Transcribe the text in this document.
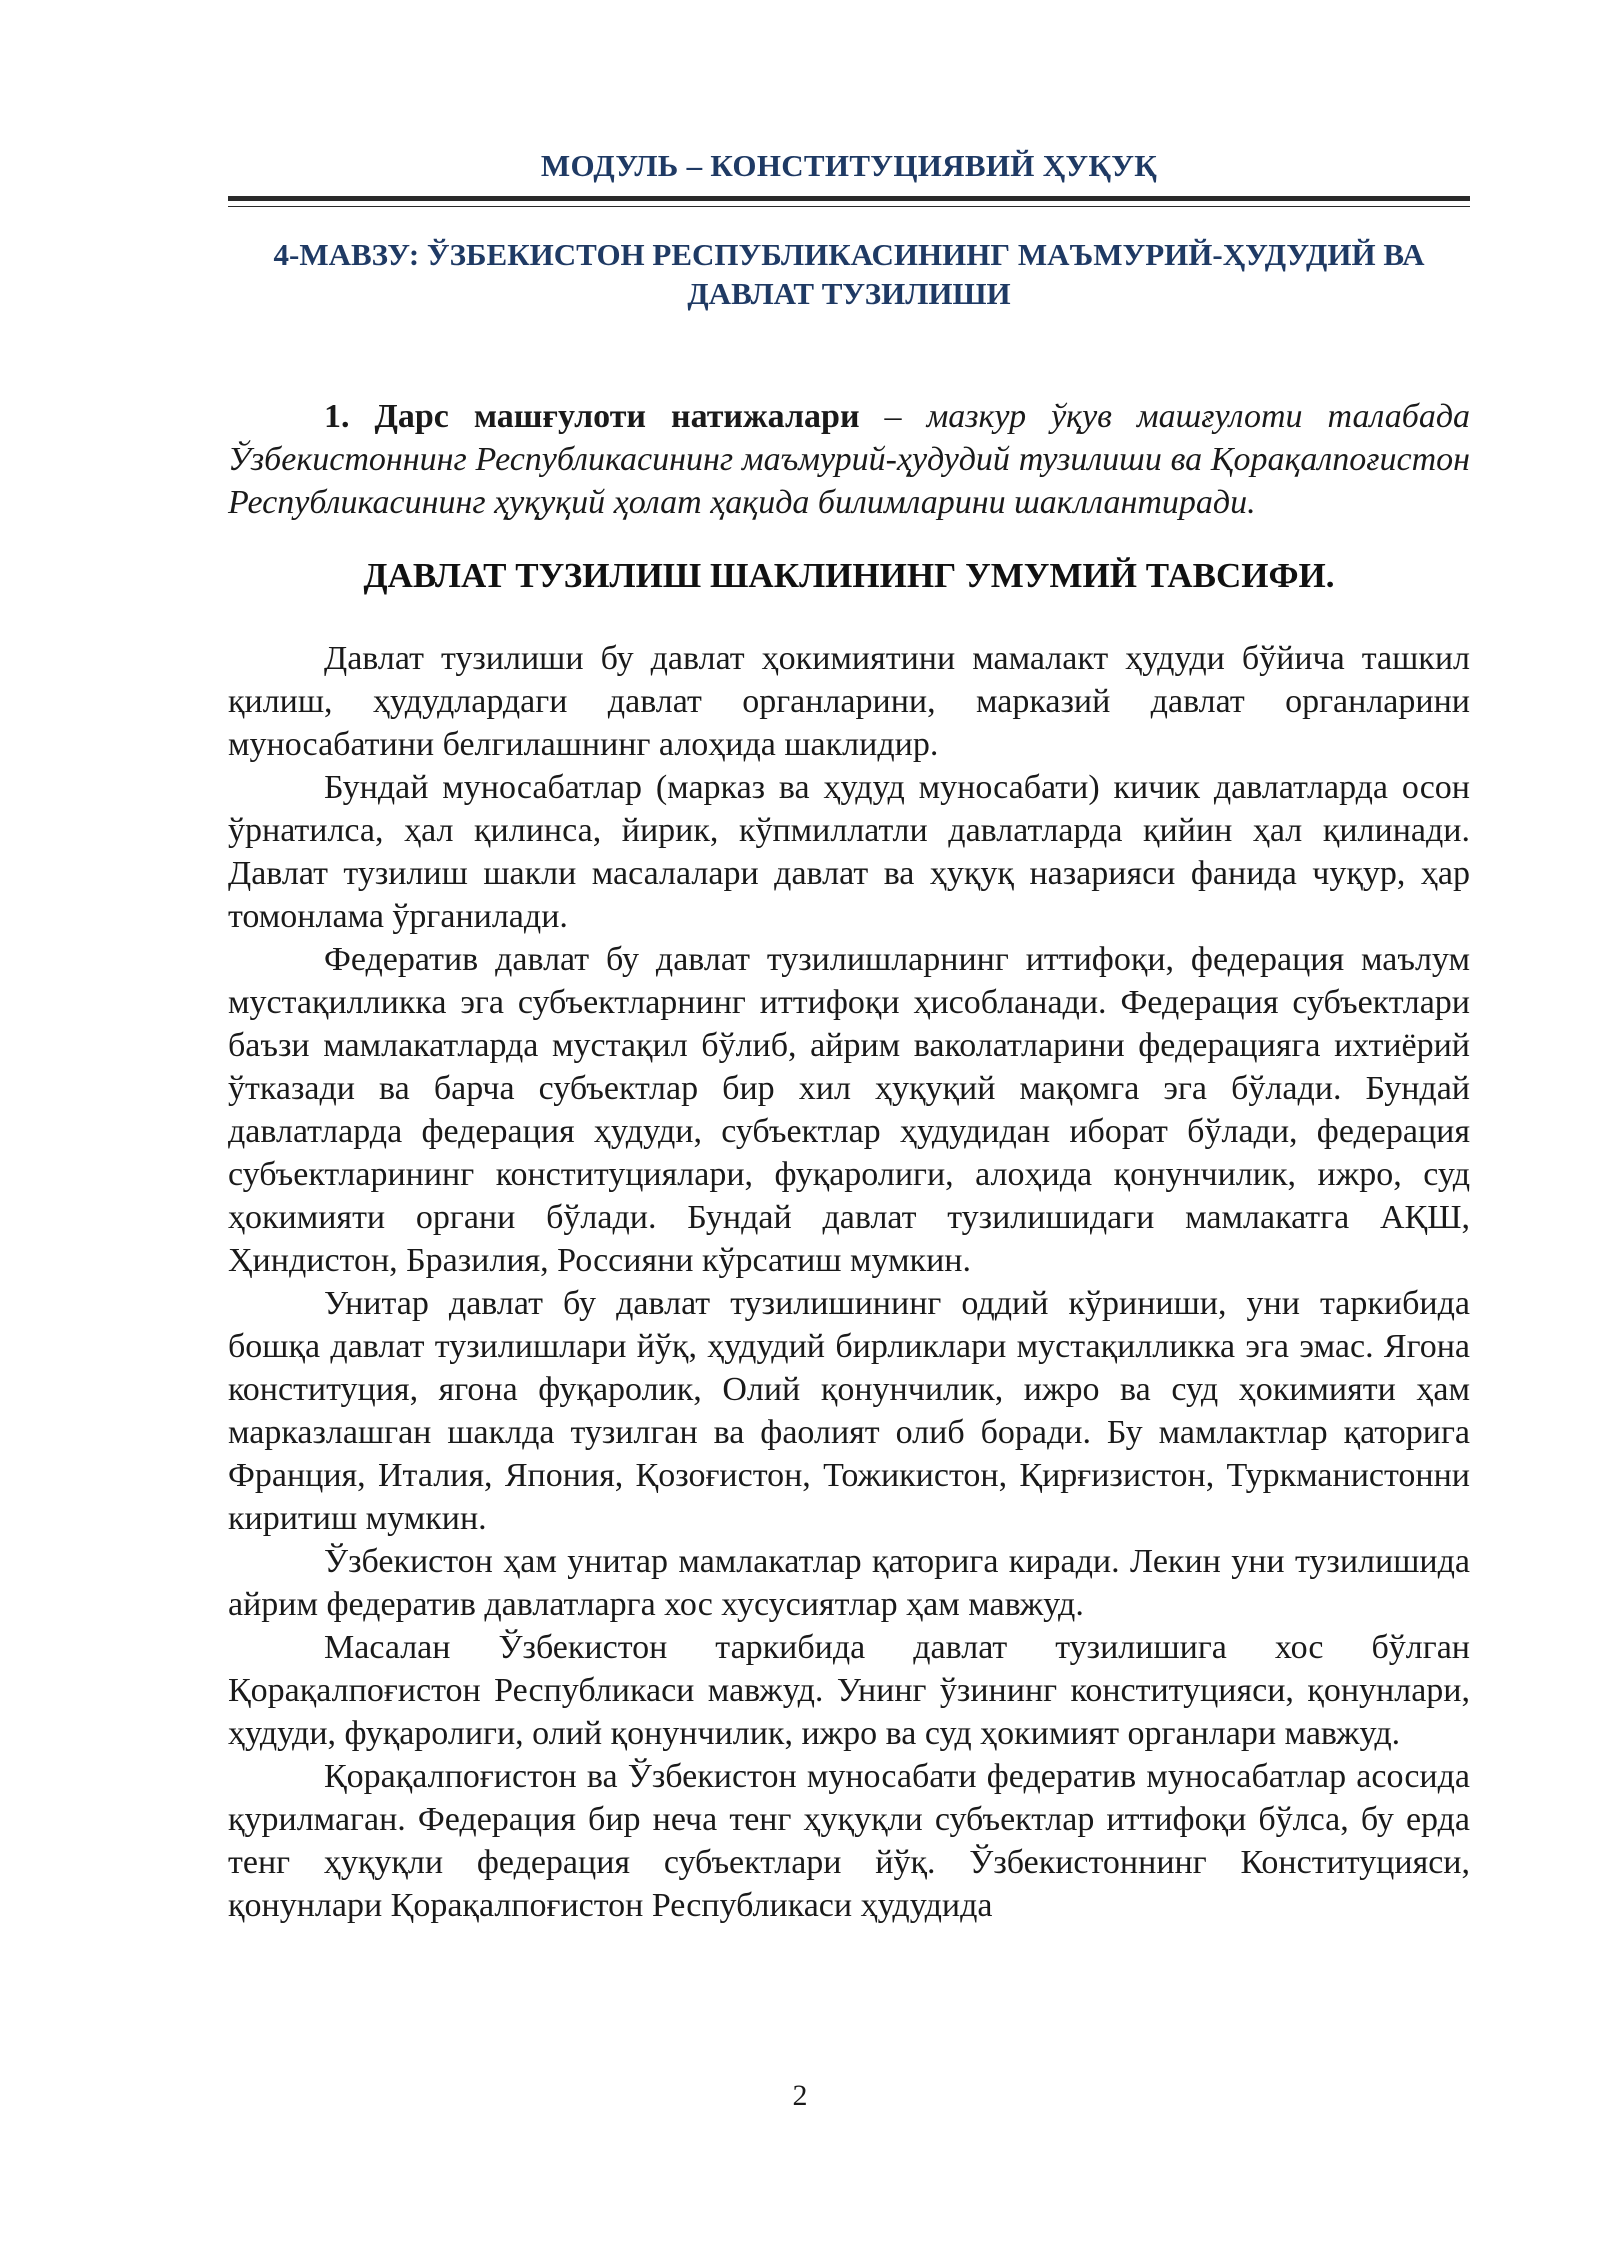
МОДУЛЬ – КОНСТИТУЦИЯВИЙ ҲУҚУҚ
4-МАВЗУ: ЎЗБЕКИСТОН РЕСПУБЛИКАСИНИНГ МАЪМУРИЙ-ҲУДУДИЙ ВА ДАВЛАТ ТУЗИЛИШИ
1. Дарс машғулоти натижалари – мазкур ўқув машғулоти талабада Ўзбекистоннинг Республикасининг маъмурий-ҳудудий тузилиши ва Қорақалпоғистон Республикасининг ҳуқуқий ҳолат ҳақида билимларини шакллантиради.
ДАВЛАТ ТУЗИЛИШ ШАКЛИНИНГ УМУМИЙ ТАВСИФИ.

Давлат тузилиши бу давлат ҳокимиятини мамалакт ҳудуди бўйича ташкил қилиш, ҳудудлардаги давлат органларини, марказий давлат органларини муносабатини белгилашнинг алоҳида шаклидир.

Бундай муносабатлар (марказ ва ҳудуд муносабати) кичик давлатларда осон ўрнатилса, ҳал қилинса, йирик, кўпмиллатли давлатларда қийин ҳал қилинади. Давлат тузилиш шакли масалалари давлат ва ҳуқуқ назарияси фанида чуқур, ҳар томонлама ўрганилади.

Федератив давлат бу давлат тузилишларнинг иттифоқи, федерация маълум мустақилликка эга субъектларнинг иттифоқи ҳисобланади. Федерация субъектлари баъзи мамлакатларда мустақил бўлиб, айрим ваколатларини федерацияга ихтиёрий ўтказади ва барча субъектлар бир хил ҳуқуқий мақомга эга бўлади. Бундай давлатларда федерация ҳудуди, субъектлар ҳудудидан иборат бўлади, федерация субъектларининг конституциялари, фуқаролиги, алоҳида қонунчилик, ижро, суд ҳокимияти органи бўлади. Бундай давлат тузилишидаги мамлакатга АҚШ, Ҳиндистон, Бразилия, Россияни кўрсатиш мумкин.

Унитар давлат бу давлат тузилишининг оддий кўриниши, уни таркибида бошқа давлат тузилишлари йўқ, ҳудудий бирликлари мустақилликка эга эмас. Ягона конституция, ягона фуқаролик, Олий қонунчилик, ижро ва суд ҳокимияти ҳам марказлашган шаклда тузилган ва фаолият олиб боради. Бу мамлактлар қаторига Франция, Италия, Япония, Қозоғистон, Тожикистон, Қирғизистон, Туркманистонни киритиш мумкин.

Ўзбекистон ҳам унитар мамлакатлар қаторига киради. Лекин уни тузилишида айрим федератив давлатларга хос хусусиятлар ҳам мавжуд.

Масалан Ўзбекистон таркибида давлат тузилишига хос бўлган Қорақалпоғистон Республикаси мавжуд. Унинг ўзининг конституцияси, қонунлари, ҳудуди, фуқаролиги, олий қонунчилик, ижро ва суд ҳокимият органлари мавжуд.

Қорақалпоғистон ва Ўзбекистон муносабати федератив муносабатлар асосида қурилмаган. Федерация бир неча тенг ҳуқуқли субъектлар иттифоқи бўлса, бу ерда тенг ҳуқуқли федерация субъектлари йўқ. Ўзбекистоннинг Конституцияси, қонунлари Қорақалпоғистон Республикаси ҳудудида

2
